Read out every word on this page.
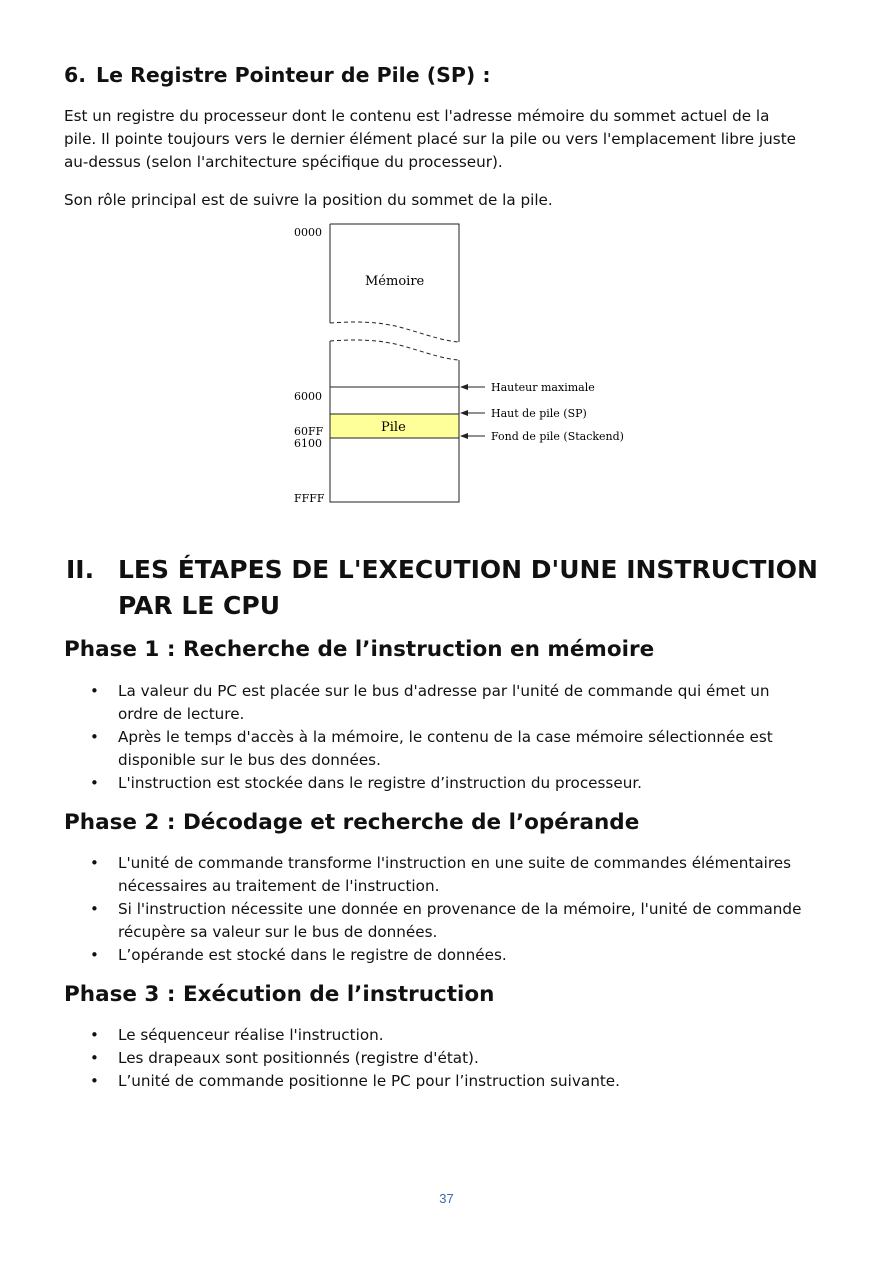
6. Le Registre Pointeur de Pile (SP) :

Est un registre du processeur dont le contenu est l'adresse mémoire du sommet actuel de la
pile. Il pointe toujours vers le dernier élément placé sur la pile ou vers l'emplacement libre juste
au-dessus (selon l'architecture spécifique du processeur).

Son rôle principal est de suivre la position du sommet de la pile.

Mémoire
Pile
0000
6000
60FF
6100
FFFF
Hauteur maximale
Haut de pile (SP)
Fond de pile (Stackend)
II. LES ÉTAPES DE L'EXECUTION D'UNE INSTRUCTION
PAR LE CPU
Phase 1 : Recherche de l’instruction en mémoire
• La valeur du PC est placée sur le bus d'adresse par l'unité de commande qui émet un
ordre de lecture.
• Après le temps d'accès à la mémoire, le contenu de la case mémoire sélectionnée est
disponible sur le bus des données.
• L'instruction est stockée dans le registre d’instruction du processeur.
Phase 2 : Décodage et recherche de l’opérande
• L'unité de commande transforme l'instruction en une suite de commandes élémentaires
nécessaires au traitement de l'instruction.
• Si l'instruction nécessite une donnée en provenance de la mémoire, l'unité de commande
récupère sa valeur sur le bus de données.
• L’opérande est stocké dans le registre de données.
Phase 3 : Exécution de l’instruction
• Le séquenceur réalise l'instruction.
• Les drapeaux sont positionnés (registre d'état).
• L’unité de commande positionne le PC pour l’instruction suivante.
37
